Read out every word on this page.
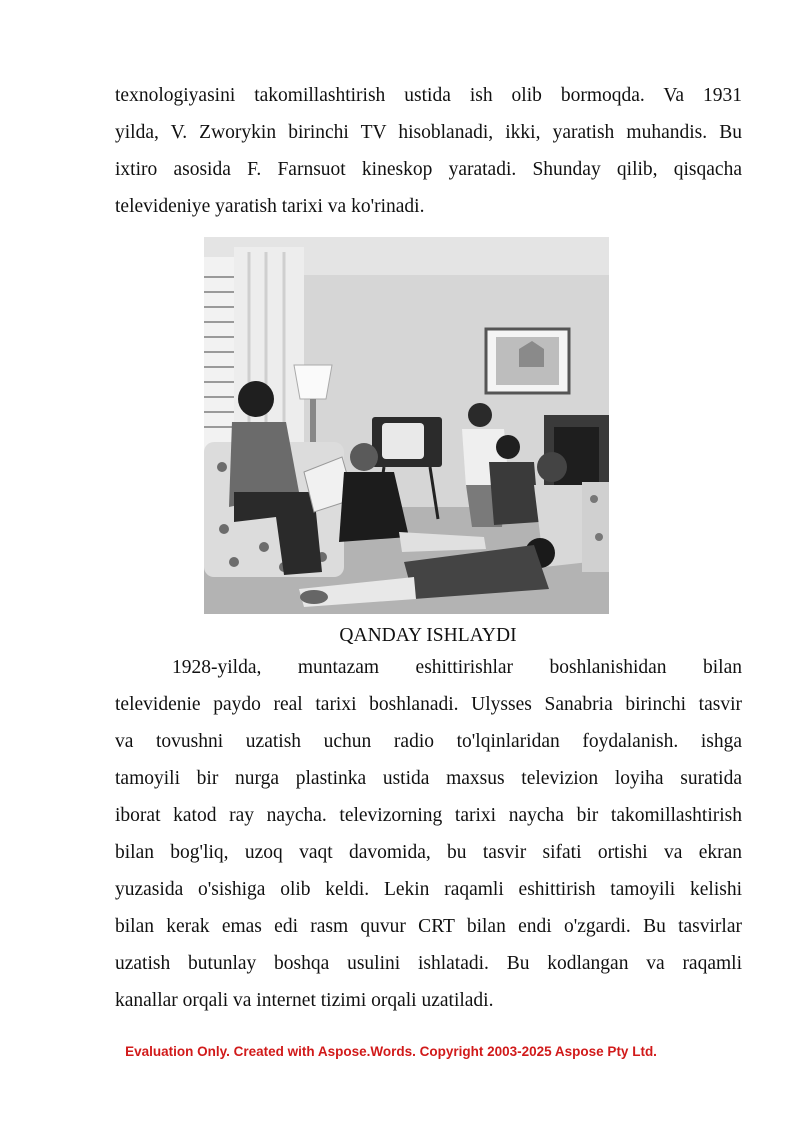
texnologiyasini takomillashtirish ustida ish olib bormoqda. Va 1931
yilda, V. Zworykin birinchi TV hisoblanadi, ikki, yaratish muhandis. Bu
ixtiro asosida F. Farnsuot kineskop yaratadi. Shunday qilib, qisqacha
televideniye yaratish tarixi va ko'rinadi.
QANDAY ISHLAYDI
1928-yilda, muntazam eshittirishlar boshlanishidan bilan
televidenie paydo real tarixi boshlanadi. Ulysses Sanabria birinchi tasvir
va tovushni uzatish uchun radio to'lqinlaridan foydalanish. ishga
tamoyili bir nurga plastinka ustida maxsus televizion loyiha suratida
iborat katod ray naycha. televizorning tarixi naycha bir takomillashtirish
bilan bog'liq, uzoq vaqt davomida, bu tasvir sifati ortishi va ekran
yuzasida o'sishiga olib keldi. Lekin raqamli eshittirish tamoyili kelishi
bilan kerak emas edi rasm quvur CRT bilan endi o'zgardi. Bu tasvirlar
uzatish butunlay boshqa usulini ishlatadi. Bu kodlangan va raqamli
kanallar orqali va internet tizimi orqali uzatiladi.
Evaluation Only. Created with Aspose.Words. Copyright 2003-2025 Aspose Pty Ltd.
